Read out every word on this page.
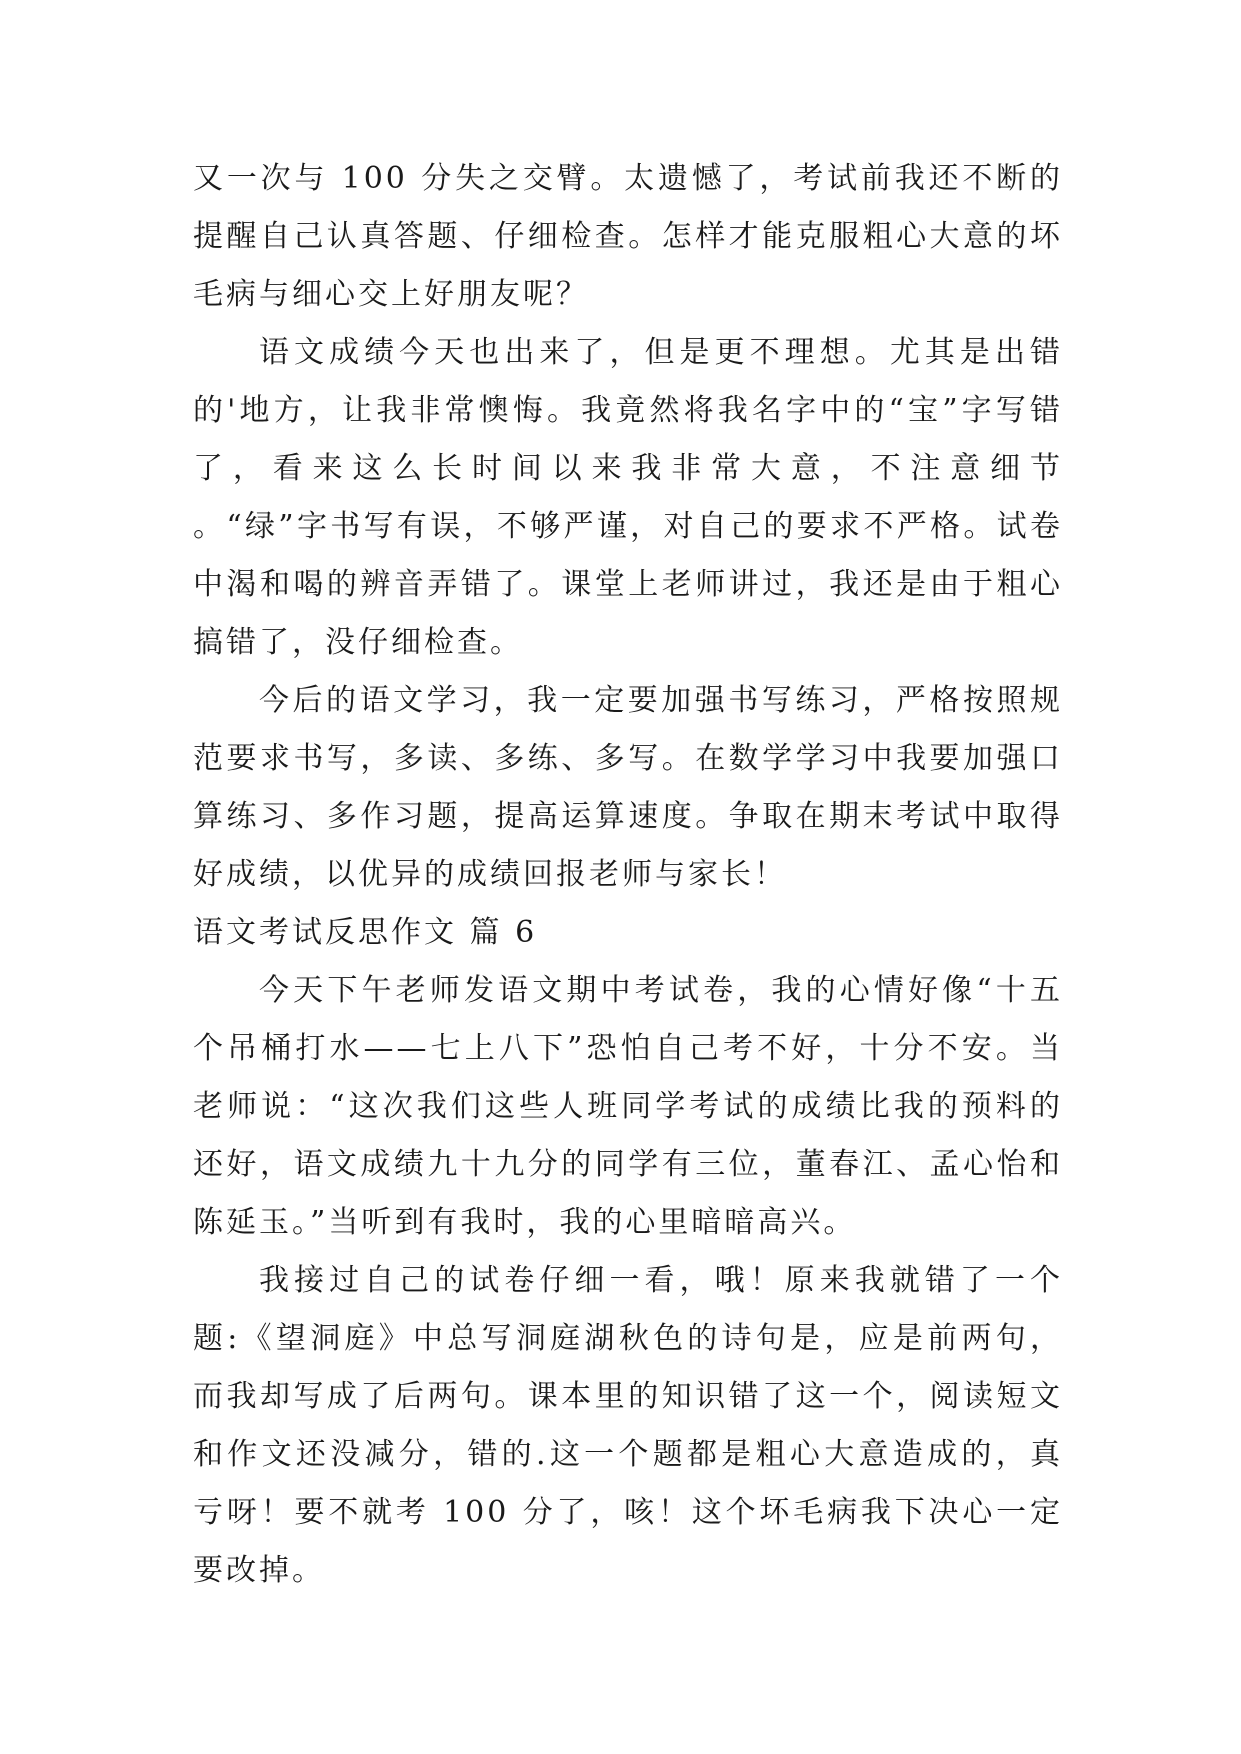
又一次与 100 分失之交臂。太遗憾了，考试前我还不断的提醒自己认真答题、仔细检查。怎样才能克服粗心大意的坏毛病与细心交上好朋友呢？

语文成绩今天也出来了，但是更不理想。尤其是出错的'地方，让我非常懊悔。我竟然将我名字中的“宝”字写错了，看来这么长时间以来我非常大意，不注意细节 。“绿”字书写有误，不够严谨，对自己的要求不严格。试卷中渴和喝的辨音弄错了。课堂上老师讲过，我还是由于粗心搞错了，没仔细检查。

今后的语文学习，我一定要加强书写练习，严格按照规范要求书写，多读、多练、多写。在数学学习中我要加强口算练习、多作习题，提高运算速度。争取在期末考试中取得好成绩，以优异的成绩回报老师与家长！

语文考试反思作文 篇 6

今天下午老师发语文期中考试卷，我的心情好像“十五个吊桶打水——七上八下”恐怕自己考不好，十分不安。当老师说：“这次我们这些人班同学考试的成绩比我的预料的还好，语文成绩九十九分的同学有三位，董春江、孟心怡和陈延玉。”当听到有我时，我的心里暗暗高兴。

我接过自己的试卷仔细一看，哦！原来我就错了一个题:《望洞庭》中总写洞庭湖秋色的诗句是，应是前两句，而我却写成了后两句。课本里的知识错了这一个，阅读短文和作文还没减分，错的.这一个题都是粗心大意造成的，真亏呀！要不就考 100 分了，咳！这个坏毛病我下决心一定要改掉。
